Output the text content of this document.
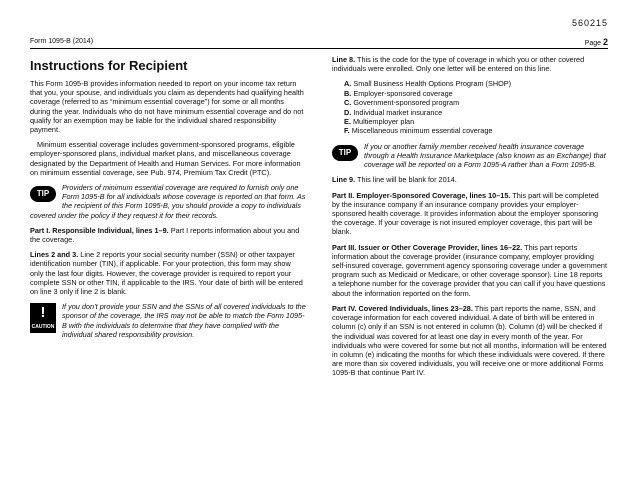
560215
Form 1095-B (2014)	Page 2
Instructions for Recipient

This Form 1095-B provides information needed to report on your income tax return that you, your spouse, and individuals you claim as dependents had qualifying health coverage (referred to as “minimum essential coverage”) for some or all months during the year. Individuals who do not have minimum essential coverage and do not qualify for an exemption may be liable for the individual shared responsibility payment.

Minimum essential coverage includes government-sponsored programs, eligible employer-sponsored plans, individual market plans, and miscellaneous coverage designated by the Department of Health and Human Services. For more information on minimum essential coverage, see Pub. 974, Premium Tax Credit (PTC).

TIP
Providers of minimum essential coverage are required to furnish only one Form 1095-B for all individuals whose coverage is reported on that form. As the recipient of this Form 1095-B, you should provide a copy to individuals covered under the policy if they request it for their records.

Part I. Responsible Individual, lines 1–9. Part I reports information about you and the coverage.

Lines 2 and 3. Line 2 reports your social security number (SSN) or other taxpayer identification number (TIN), if applicable. For your protection, this form may show only the last four digits. However, the coverage provider is required to report your complete SSN or other TIN, if applicable to the IRS. Your date of birth will be entered on line 3 only if line 2 is blank.

!
CAUTION
If you don’t provide your SSN and the SSNs of all covered individuals to the sponsor of the coverage, the IRS may not be able to match the Form 1095-B with the individuals to determine that they have complied with the individual shared responsibility provision.

Line 8. This is the code for the type of coverage in which you or other covered individuals were enrolled. Only one letter will be entered on this line.

A. Small Business Health Options Program (SHOP)
B. Employer-sponsored coverage
C. Government-sponsored program
D. Individual market insurance
E. Multiemployer plan
F. Miscellaneous minimum essential coverage
TIP
If you or another family member received health insurance coverage through a Health Insurance Marketplace (also known as an Exchange) that coverage will be reported on a Form 1095-A rather than a Form 1095-B.

Line 9. This line will be blank for 2014.

Part II. Employer-Sponsored Coverage, lines 10–15. This part will be completed by the insurance company if an insurance company provides your employer-sponsored health coverage. It provides information about the employer sponsoring the coverage. If your coverage is not insured employer coverage, this part will be blank.

Part III. Issuer or Other Coverage Provider, lines 16–22. This part reports information about the coverage provider (insurance company, employer providing self-insured coverage, government agency sponsoring coverage under a government program such as Medicaid or Medicare, or other coverage sponsor). Line 18 reports a telephone number for the coverage provider that you can call if you have questions about the information reported on the form.

Part IV. Covered Individuals, lines 23–28. This part reports the name, SSN, and coverage information for each covered individual. A date of birth will be entered in column (c) only if an SSN is not entered in column (b). Column (d) will be checked if the individual was covered for at least one day in every month of the year. For individuals who were covered for some but not all months, information will be entered in column (e) indicating the months for which these individuals were covered. If there are more than six covered individuals, you will receive one or more additional Forms 1095-B that continue Part IV.
